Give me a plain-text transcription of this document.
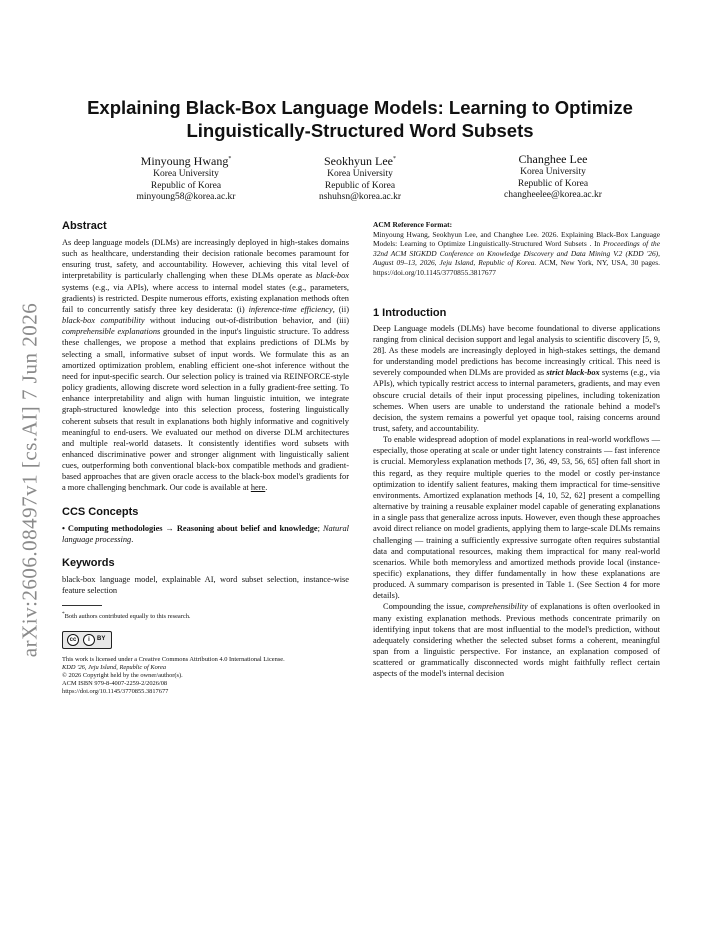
arXiv:2606.08497v1 [cs.AI] 7 Jun 2026
Explaining Black-Box Language Models: Learning to Optimize
Linguistically-Structured Word Subsets
Minyoung Hwang*
Korea University
Republic of Korea
minyoung58@korea.ac.kr
Seokhyun Lee*
Korea University
Republic of Korea
nshuhsn@korea.ac.kr
Changhee Lee
Korea University
Republic of Korea
changheelee@korea.ac.kr
Abstract

As deep language models (DLMs) are increasingly deployed in high-stakes domains such as healthcare, understanding their decision rationale becomes paramount for ensuring trust, safety, and accountability. However, achieving this vital level of interpretability is particularly challenging when these DLMs operate as black-box systems (e.g., via APIs), where access to internal model states (e.g., parameters, gradients) is restricted. Despite numerous efforts, existing explanation methods often fail to concurrently satisfy three key desiderata: (i) inference-time efficiency, (ii) black-box compatibility without inducing out-of-distribution behavior, and (iii) comprehensible explanations grounded in the input's linguistic structure. To address these challenges, we propose a method that explains predictions of DLMs by selecting a small, informative subset of input words. We formulate this as an amortized optimization problem, enabling efficient one-shot inference without the need for input-specific search. Our selection policy is trained via REINFORCE-style policy gradients, allowing discrete word selection in a fully gradient-free setting. To enhance interpretability and align with human linguistic intuition, we integrate graph-structured knowledge into this selection process, fostering linguistically coherent subsets that result in explanations both highly informative and cognitively meaningful to end-users. We evaluated our method on diverse DLM architectures and multiple real-world datasets. It consistently identifies word subsets with enhanced discriminative power and stronger alignment with linguistically salient cues, outperforming both conventional black-box compatible methods and gradient-based approaches that are given oracle access to the black-box model's gradients for a more challenging benchmark. Our code is available at here.

CCS Concepts

• Computing methodologies → Reasoning about belief and knowledge; Natural language processing.

Keywords

black-box language model, explainable AI, word subset selection, instance-wise feature selection

*Both authors contributed equally to this research.
cc	i	BY
This work is licensed under a Creative Commons Attribution 4.0 International License.
KDD '26, Jeju Island, Republic of Korea
© 2026 Copyright held by the owner/author(s).
ACM ISBN 979-8-4007-2259-2/2026/08
https://doi.org/10.1145/3770855.3817677
ACM Reference Format:

Minyoung Hwang, Seokhyun Lee, and Changhee Lee. 2026. Explaining Black-Box Language Models: Learning to Optimize Linguistically-Structured Word Subsets . In Proceedings of the 32nd ACM SIGKDD Conference on Knowledge Discovery and Data Mining V.2 (KDD '26), August 09–13, 2026, Jeju Island, Republic of Korea. ACM, New York, NY, USA, 30 pages. https://doi.org/10.1145/3770855.3817677

1 Introduction

Deep Language models (DLMs) have become foundational to diverse applications ranging from clinical decision support and legal analysis to scientific discovery [5, 9, 28]. As these models are increasingly deployed in high-stakes settings, the demand for understanding model predictions has become increasingly critical. This need is severely compounded when DLMs are provided as strict black-box systems (e.g., via APIs), which typically restrict access to internal parameters, gradients, and may even obscure crucial details of their input processing pipelines, including tokenization schemes. When users are unable to understand the rationale behind a model's decision, the system remains a powerful yet opaque tool, raising concerns around trust, safety, and accountability.

To enable widespread adoption of model explanations in real-world workflows — especially, those operating at scale or under tight latency constraints — fast inference is crucial. Memoryless explanation methods [7, 36, 49, 53, 56, 65] often fall short in this regard, as they require multiple queries to the model or costly per-instance optimization to identify salient features, making them impractical for time-sensitive environments. Amortized explanation methods [4, 10, 52, 62] present a compelling alternative by training a reusable explainer model capable of generating explanations in a single pass that generalize across inputs. However, even though these approaches avoid direct reliance on model gradients, applying them to large-scale DLMs remains challenging — training a sufficiently expressive surrogate often requires substantial data and computational resources, making them impractical for many real-world scenarios. While both memoryless and amortized methods provide local (instance-specific) explanations, they differ fundamentally in how these explanations are produced. A summary comparison is presented in Table 1. (See Section 4 for more details).

Compounding the issue, comprehensibility of explanations is often overlooked in many existing explanation methods. Previous methods concentrate primarily on identifying input tokens that are most influential to the model's prediction, without adequately considering whether the selected subset forms a coherent, meaningful span from a linguistic perspective. For instance, an explanation composed of scattered or grammatically disconnected words might faithfully reflect certain aspects of the model's internal decision
